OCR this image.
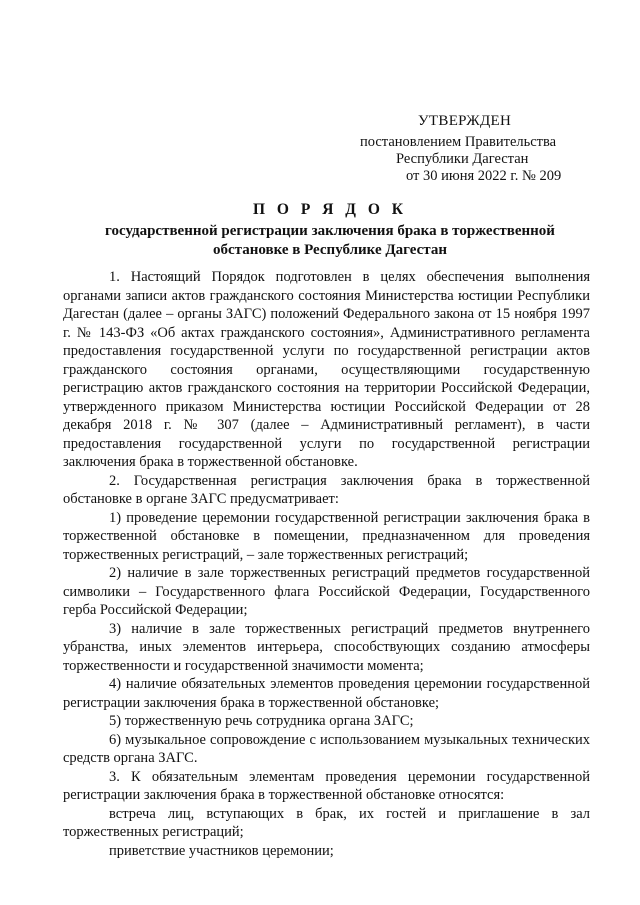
УТВЕРЖДЕН
постановлением Правительства
Республики Дагестан
от 30 июня 2022 г. № 209
П О Р Я Д О К
государственной регистрации заключения брака в торжественной
обстановке в Республике Дагестан

1. Настоящий Порядок подготовлен в целях обеспечения выполнения органами записи актов гражданского состояния Министерства юстиции Республики Дагестан (далее – органы ЗАГС) положений Федерального закона от 15 ноября 1997 г. № 143-ФЗ «Об актах гражданского состояния», Административного регламента предоставления государственной услуги по государственной регистрации актов гражданского состояния органами, осуществляющими государственную регистрацию актов гражданского состояния на территории Российской Федерации, утвержденного приказом Министерства юстиции Российской Федерации от 28 декабря 2018 г. № 307 (далее – Административный регламент), в части предоставления государственной услуги по государственной регистрации заключения брака в торжественной обстановке.

2. Государственная регистрация заключения брака в торжественной обстановке в органе ЗАГС предусматривает:

1) проведение церемонии государственной регистрации заключения брака в торжественной обстановке в помещении, предназначенном для проведения торжественных регистраций, – зале торжественных регистраций;

2) наличие в зале торжественных регистраций предметов государственной символики – Государственного флага Российской Федерации, Государственного герба Российской Федерации;

3) наличие в зале торжественных регистраций предметов внутреннего убранства, иных элементов интерьера, способствующих созданию атмосферы торжественности и государственной значимости момента;

4) наличие обязательных элементов проведения церемонии государственной регистрации заключения брака в торжественной обстановке;

5) торжественную речь сотрудника органа ЗАГС;

6) музыкальное сопровождение с использованием музыкальных технических средств органа ЗАГС.

3. К обязательным элементам проведения церемонии государственной регистрации заключения брака в торжественной обстановке относятся:

встреча лиц, вступающих в брак, их гостей и приглашение в зал торжественных регистраций;

приветствие участников церемонии;
